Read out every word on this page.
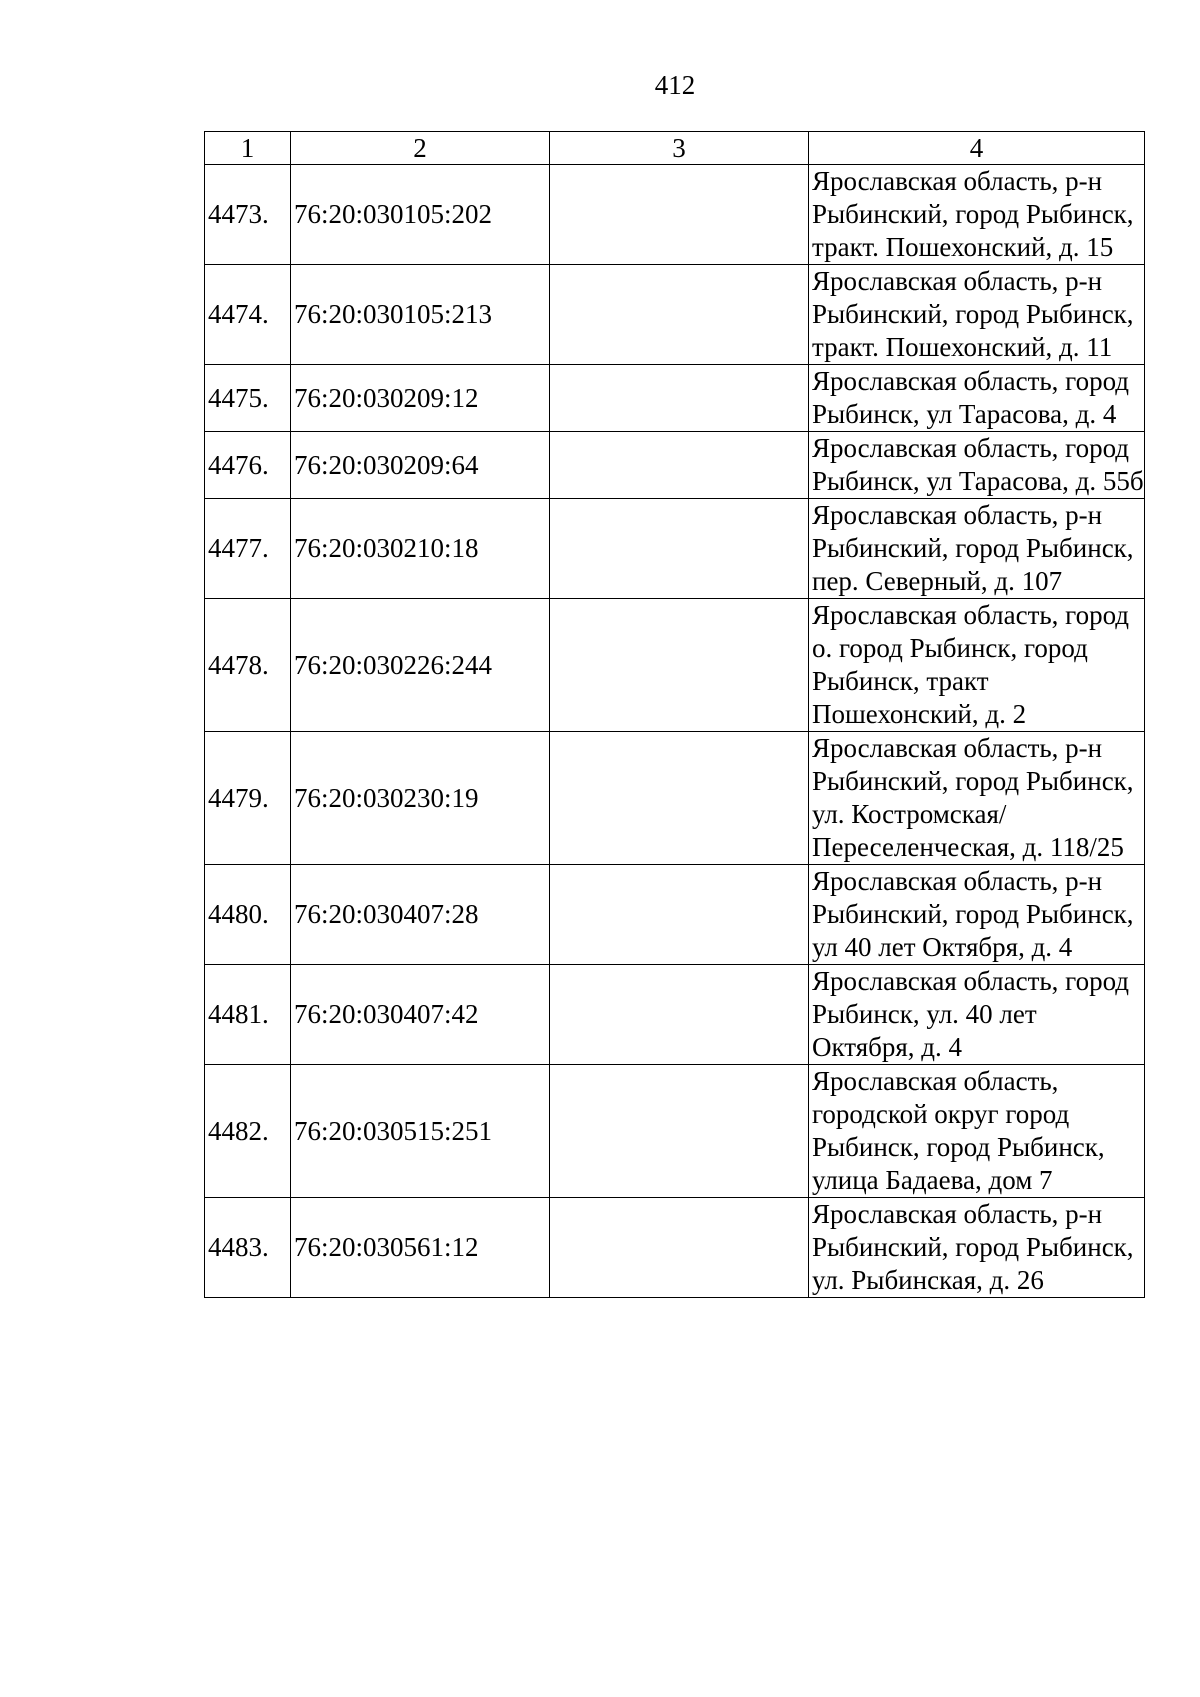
412
1	2	3	4
4473.	76:20:030105:202		Ярославская область, р-н Рыбинский, город Рыбинск, тракт. Пошехонский, д. 15
4474.	76:20:030105:213		Ярославская область, р-н Рыбинский, город Рыбинск, тракт. Пошехонский, д. 11
4475.	76:20:030209:12		Ярославская область, город Рыбинск, ул Тарасова, д. 4
4476.	76:20:030209:64		Ярославская область, город Рыбинск, ул Тарасова, д. 55б
4477.	76:20:030210:18		Ярославская область, р-н Рыбинский, город Рыбинск, пер. Северный, д. 107
4478.	76:20:030226:244		Ярославская область, город о. город Рыбинск, город Рыбинск, тракт Пошехонский, д. 2
4479.	76:20:030230:19		Ярославская область, р-н Рыбинский, город Рыбинск, ул. Костромская/Переселенческая, д. 118/25
4480.	76:20:030407:28		Ярославская область, р-н Рыбинский, город Рыбинск, ул 40 лет Октября, д. 4
4481.	76:20:030407:42		Ярославская область, город Рыбинск, ул. 40 лет Октября, д. 4
4482.	76:20:030515:251		Ярославская область, городской округ город Рыбинск, город Рыбинск, улица Бадаева, дом 7
4483.	76:20:030561:12		Ярославская область, р-н Рыбинский, город Рыбинск, ул. Рыбинская, д. 26
